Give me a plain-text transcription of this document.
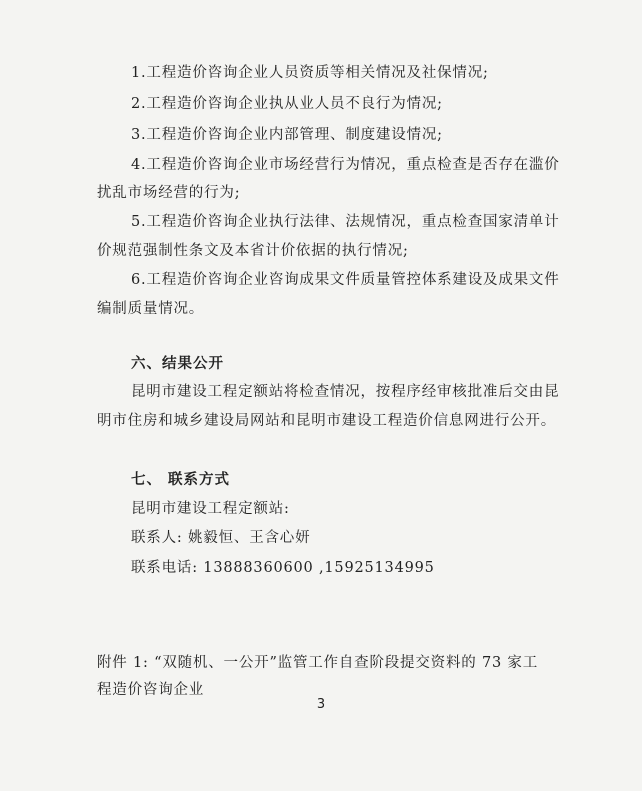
1.工程造价咨询企业人员资质等相关情况及社保情况;
2.工程造价咨询企业执从业人员不良行为情况;
3.工程造价咨询企业内部管理、制度建设情况;
4.工程造价咨询企业市场经营行为情况，重点检查是否存在滥价
扰乱市场经营的行为;
5.工程造价咨询企业执行法律、法规情况，重点检查国家清单计
价规范强制性条文及本省计价依据的执行情况;
6.工程造价咨询企业咨询成果文件质量管控体系建设及成果文件
编制质量情况。
六、结果公开
昆明市建设工程定额站将检查情况，按程序经审核批准后交由昆
明市住房和城乡建设局网站和昆明市建设工程造价信息网进行公开。
七、 联系方式
昆明市建设工程定额站:
联系人: 姚毅恒、王含心妍
联系电话: 13888360600 ,15925134995
附件 1: “双随机、一公开”监管工作自查阶段提交资料的 73 家工
程造价咨询企业
3
